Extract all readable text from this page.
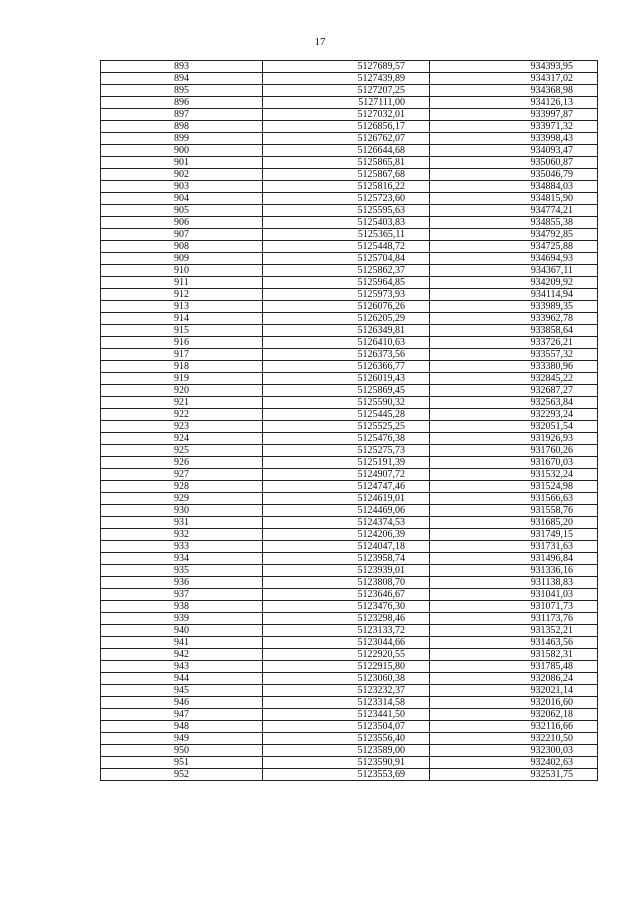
17
893	5127689,57	934393,95
894	5127439,89	934317,02
895	5127207,25	934368,98
896	5127111,00	934126,13
897	5127032,01	933997,87
898	5126856,17	933971,32
899	5126762,07	933998,43
900	5126644,68	934093,47
901	5125865,81	935060,87
902	5125867,68	935046,79
903	5125816,22	934884,03
904	5125723,60	934815,90
905	5125595,63	934774,21
906	5125403,83	934855,38
907	5125365,11	934792,85
908	5125448,72	934725,88
909	5125704,84	934694,93
910	5125862,37	934367,11
911	5125964,85	934209,92
912	5125973,93	934114,94
913	5126076,26	933989,35
914	5126205,29	933962,78
915	5126349,81	933858,64
916	5126410,63	933726,21
917	5126373,56	933557,32
918	5126366,77	933380,96
919	5126019,43	932845,22
920	5125869,45	932687,27
921	5125590,32	932563,84
922	5125445,28	932293,24
923	5125525,25	932051,54
924	5125476,38	931926,93
925	5125275,73	931760,26
926	5125191,39	931670,03
927	5124907,72	931532,24
928	5124747,46	931524,98
929	5124619,01	931566,63
930	5124469,06	931558,76
931	5124374,53	931685,20
932	5124206,39	931749,15
933	5124047,18	931731,63
934	5123958,74	931496,84
935	5123939,01	931336,16
936	5123808,70	931138,83
937	5123646,67	931041,03
938	5123476,30	931071,73
939	5123298,46	931173,76
940	5123133,72	931352,21
941	5123044,66	931463,56
942	5122920,55	931582,31
943	5122915,80	931785,48
944	5123060,38	932086,24
945	5123232,37	932021,14
946	5123314,58	932016,60
947	5123441,50	932062,18
948	5123504,07	932116,66
949	5123556,40	932210,50
950	5123589,00	932300,03
951	5123590,91	932402,63
952	5123553,69	932531,75
